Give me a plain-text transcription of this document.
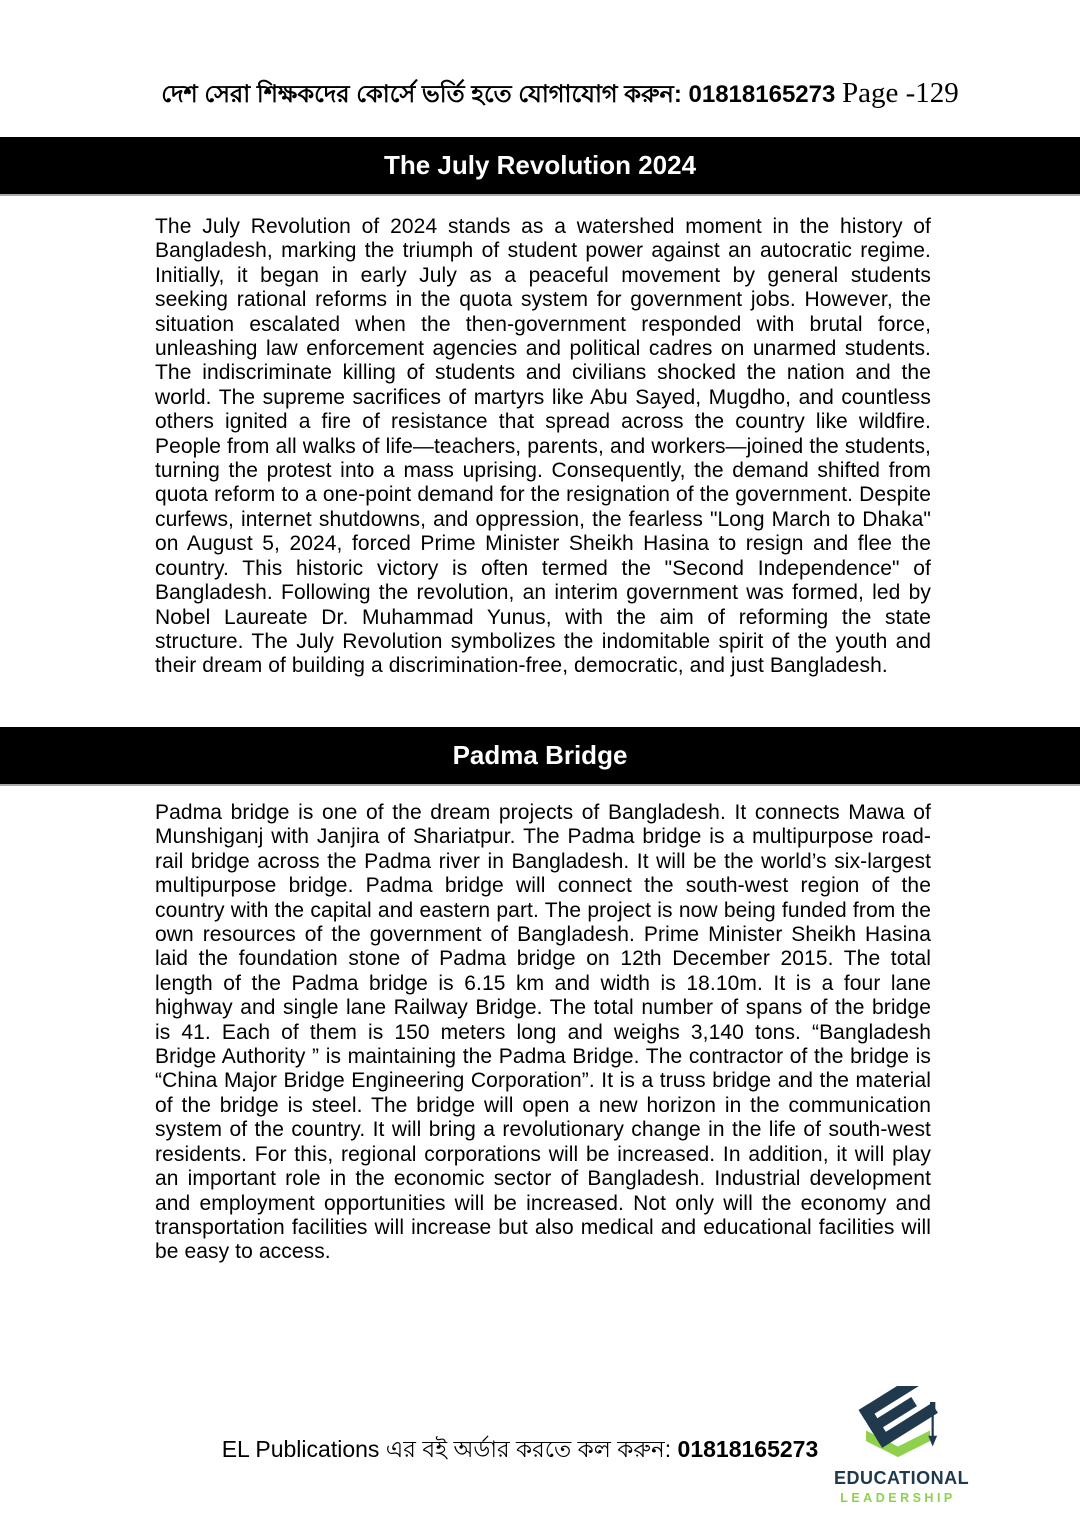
দেশ সেরা শিক্ষকদের কোর্সে ভর্তি হতে যোগাযোগ করুন: 01818165273 Page -129
The July Revolution 2024
The July Revolution of 2024 stands as a watershed moment in the history of Bangladesh, marking the triumph of student power against an autocratic regime. Initially, it began in early July as a peaceful movement by general students seeking rational reforms in the quota system for government jobs. However, the situation escalated when the then-government responded with brutal force, unleashing law enforcement agencies and political cadres on unarmed students. The indiscriminate killing of students and civilians shocked the nation and the world. The supreme sacrifices of martyrs like Abu Sayed, Mugdho, and countless others ignited a fire of resistance that spread across the country like wildfire. People from all walks of life—teachers, parents, and workers—joined the students, turning the protest into a mass uprising. Consequently, the demand shifted from quota reform to a one-point demand for the resignation of the government. Despite curfews, internet shutdowns, and oppression, the fearless "Long March to Dhaka" on August 5, 2024, forced Prime Minister Sheikh Hasina to resign and flee the country. This historic victory is often termed the "Second Independence" of Bangladesh. Following the revolution, an interim government was formed, led by Nobel Laureate Dr. Muhammad Yunus, with the aim of reforming the state structure. The July Revolution symbolizes the indomitable spirit of the youth and their dream of building a discrimination-free, democratic, and just Bangladesh.
Padma Bridge
Padma bridge is one of the dream projects of Bangladesh. It connects Mawa of Munshiganj with Janjira of Shariatpur. The Padma bridge is a multipurpose road-rail bridge across the Padma river in Bangladesh. It will be the world’s six-largest multipurpose bridge. Padma bridge will connect the south-west region of the country with the capital and eastern part. The project is now being funded from the own resources of the government of Bangladesh. Prime Minister Sheikh Hasina laid the foundation stone of Padma bridge on 12th December 2015. The total length of the Padma bridge is 6.15 km and width is 18.10m. It is a four lane highway and single lane Railway Bridge. The total number of spans of the bridge is 41. Each of them is 150 meters long and weighs 3,140 tons. “Bangladesh Bridge Authority ” is maintaining the Padma Bridge. The contractor of the bridge is “China Major Bridge Engineering Corporation”. It is a truss bridge and the material of the bridge is steel. The bridge will open a new horizon in the communication system of the country. It will bring a revolutionary change in the life of south-west residents. For this, regional corporations will be increased. In addition, it will play an important role in the economic sector of Bangladesh. Industrial development and employment opportunities will be increased. Not only will the economy and transportation facilities will increase but also medical and educational facilities will be easy to access.
EL Publications এর বই অর্ডার করতে কল করুন: 01818165273
EDUCATIONAL
LEADERSHIP
